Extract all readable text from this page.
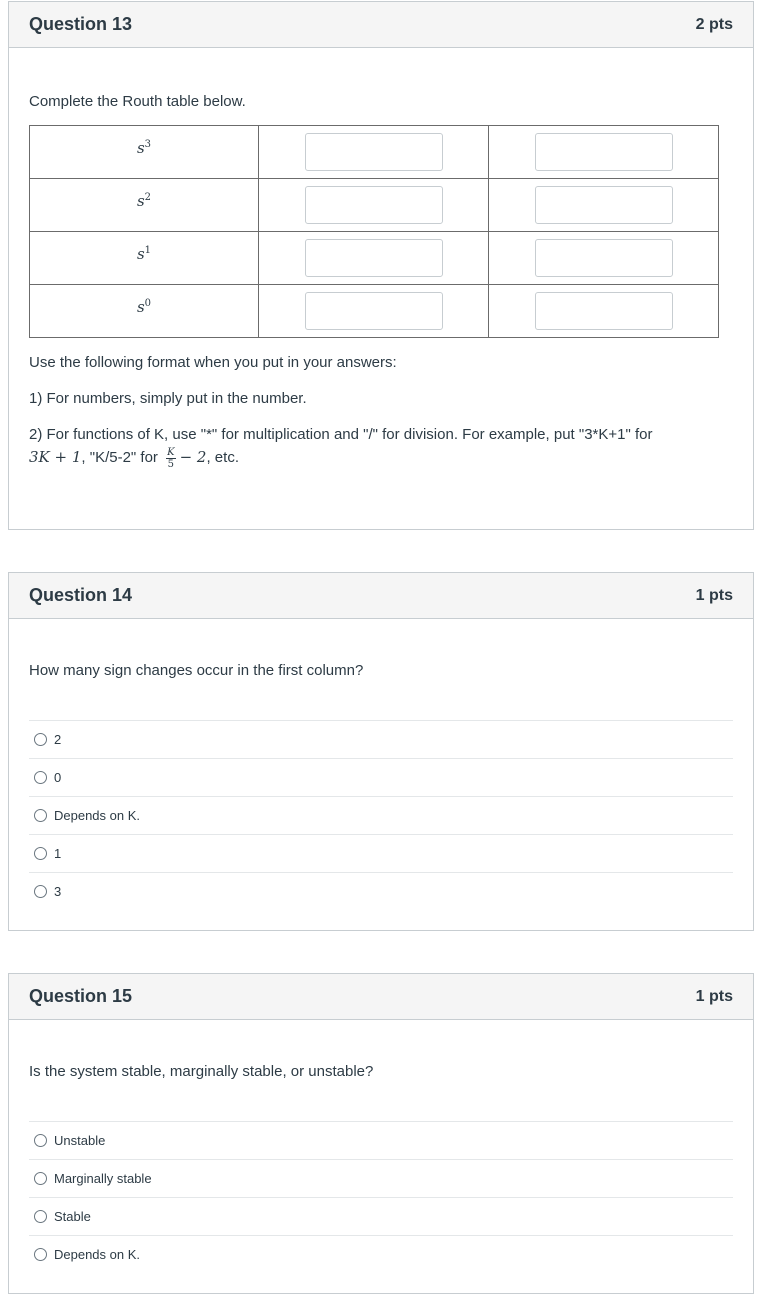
Question 13	2 pts

Complete the Routh table below.

$s^3$		
$s^2$		
$s^1$		
$s^0$		
Use the following format when you put in your answers:
1) For numbers, simply put in the number.
2) For functions of K, use "*" for multiplication and "/" for division. For example, put "3*K+1" for
3K + 1, "K/5-2" for $\frac{K}{5} - 2$, etc.
Question 14	1 pts

How many sign changes occur in the first column?

2
0
Depends on K.
1
3
Question 15	1 pts

Is the system stable, marginally stable, or unstable?

Unstable
Marginally stable
Stable
Depends on K.
